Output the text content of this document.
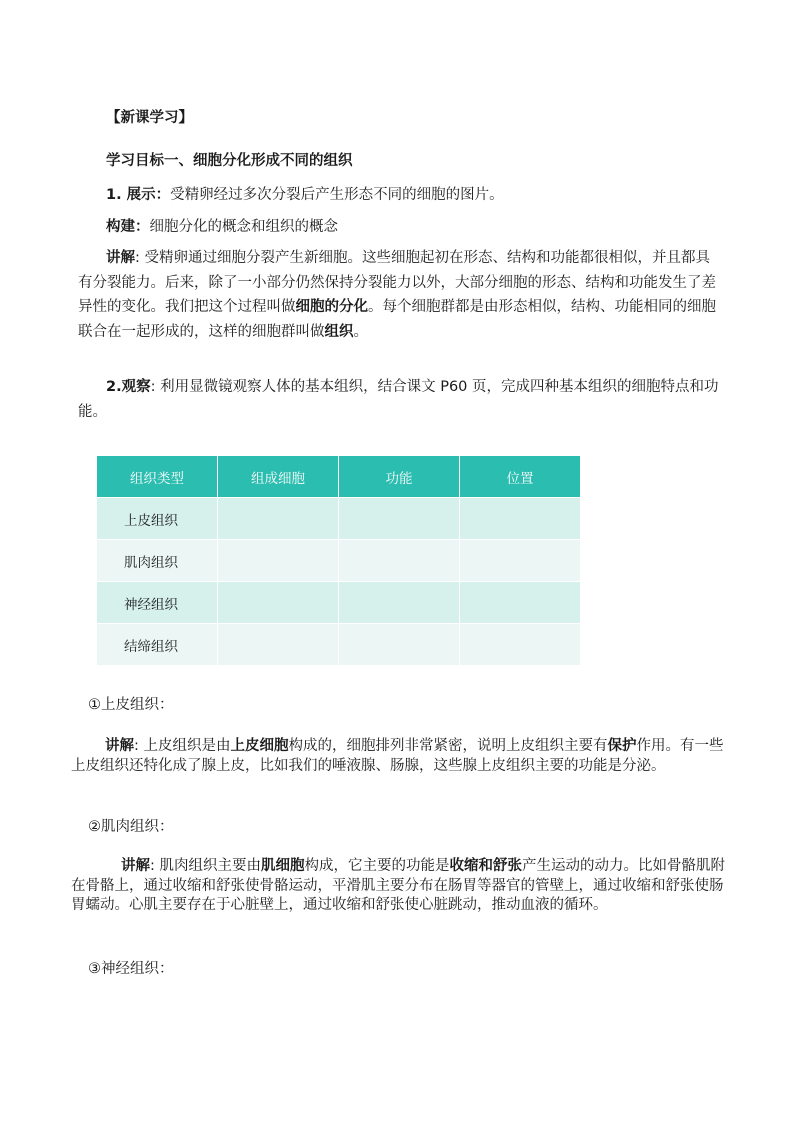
【新课学习】
学习目标一、细胞分化形成不同的组织
1. 展示：受精卵经过多次分裂后产生形态不同的细胞的图片。
构建：细胞分化的概念和组织的概念
讲解: 受精卵通过细胞分裂产生新细胞。这些细胞起初在形态、结构和功能都很相似，并且都具有分裂能力。后来，除了一小部分仍然保持分裂能力以外，大部分细胞的形态、结构和功能发生了差异性的变化。我们把这个过程叫做细胞的分化。每个细胞群都是由形态相似，结构、功能相同的细胞联合在一起形成的，这样的细胞群叫做组织。
2.观察: 利用显微镜观察人体的基本组织，结合课文 P60 页，完成四种基本组织的细胞特点和功能。
组织类型	组成细胞	功能	位置
上皮组织			
肌肉组织			
神经组织			
结缔组织			
①上皮组织：
讲解: 上皮组织是由上皮细胞构成的，细胞排列非常紧密，说明上皮组织主要有保护作用。有一些上皮组织还特化成了腺上皮，比如我们的唾液腺、肠腺，这些腺上皮组织主要的功能是分泌。
②肌肉组织：
讲解: 肌肉组织主要由肌细胞构成，它主要的功能是收缩和舒张产生运动的动力。比如骨骼肌附在骨骼上，通过收缩和舒张使骨骼运动，平滑肌主要分布在肠胃等器官的管壁上，通过收缩和舒张使肠胃蠕动。心肌主要存在于心脏壁上，通过收缩和舒张使心脏跳动，推动血液的循环。
③神经组织：
